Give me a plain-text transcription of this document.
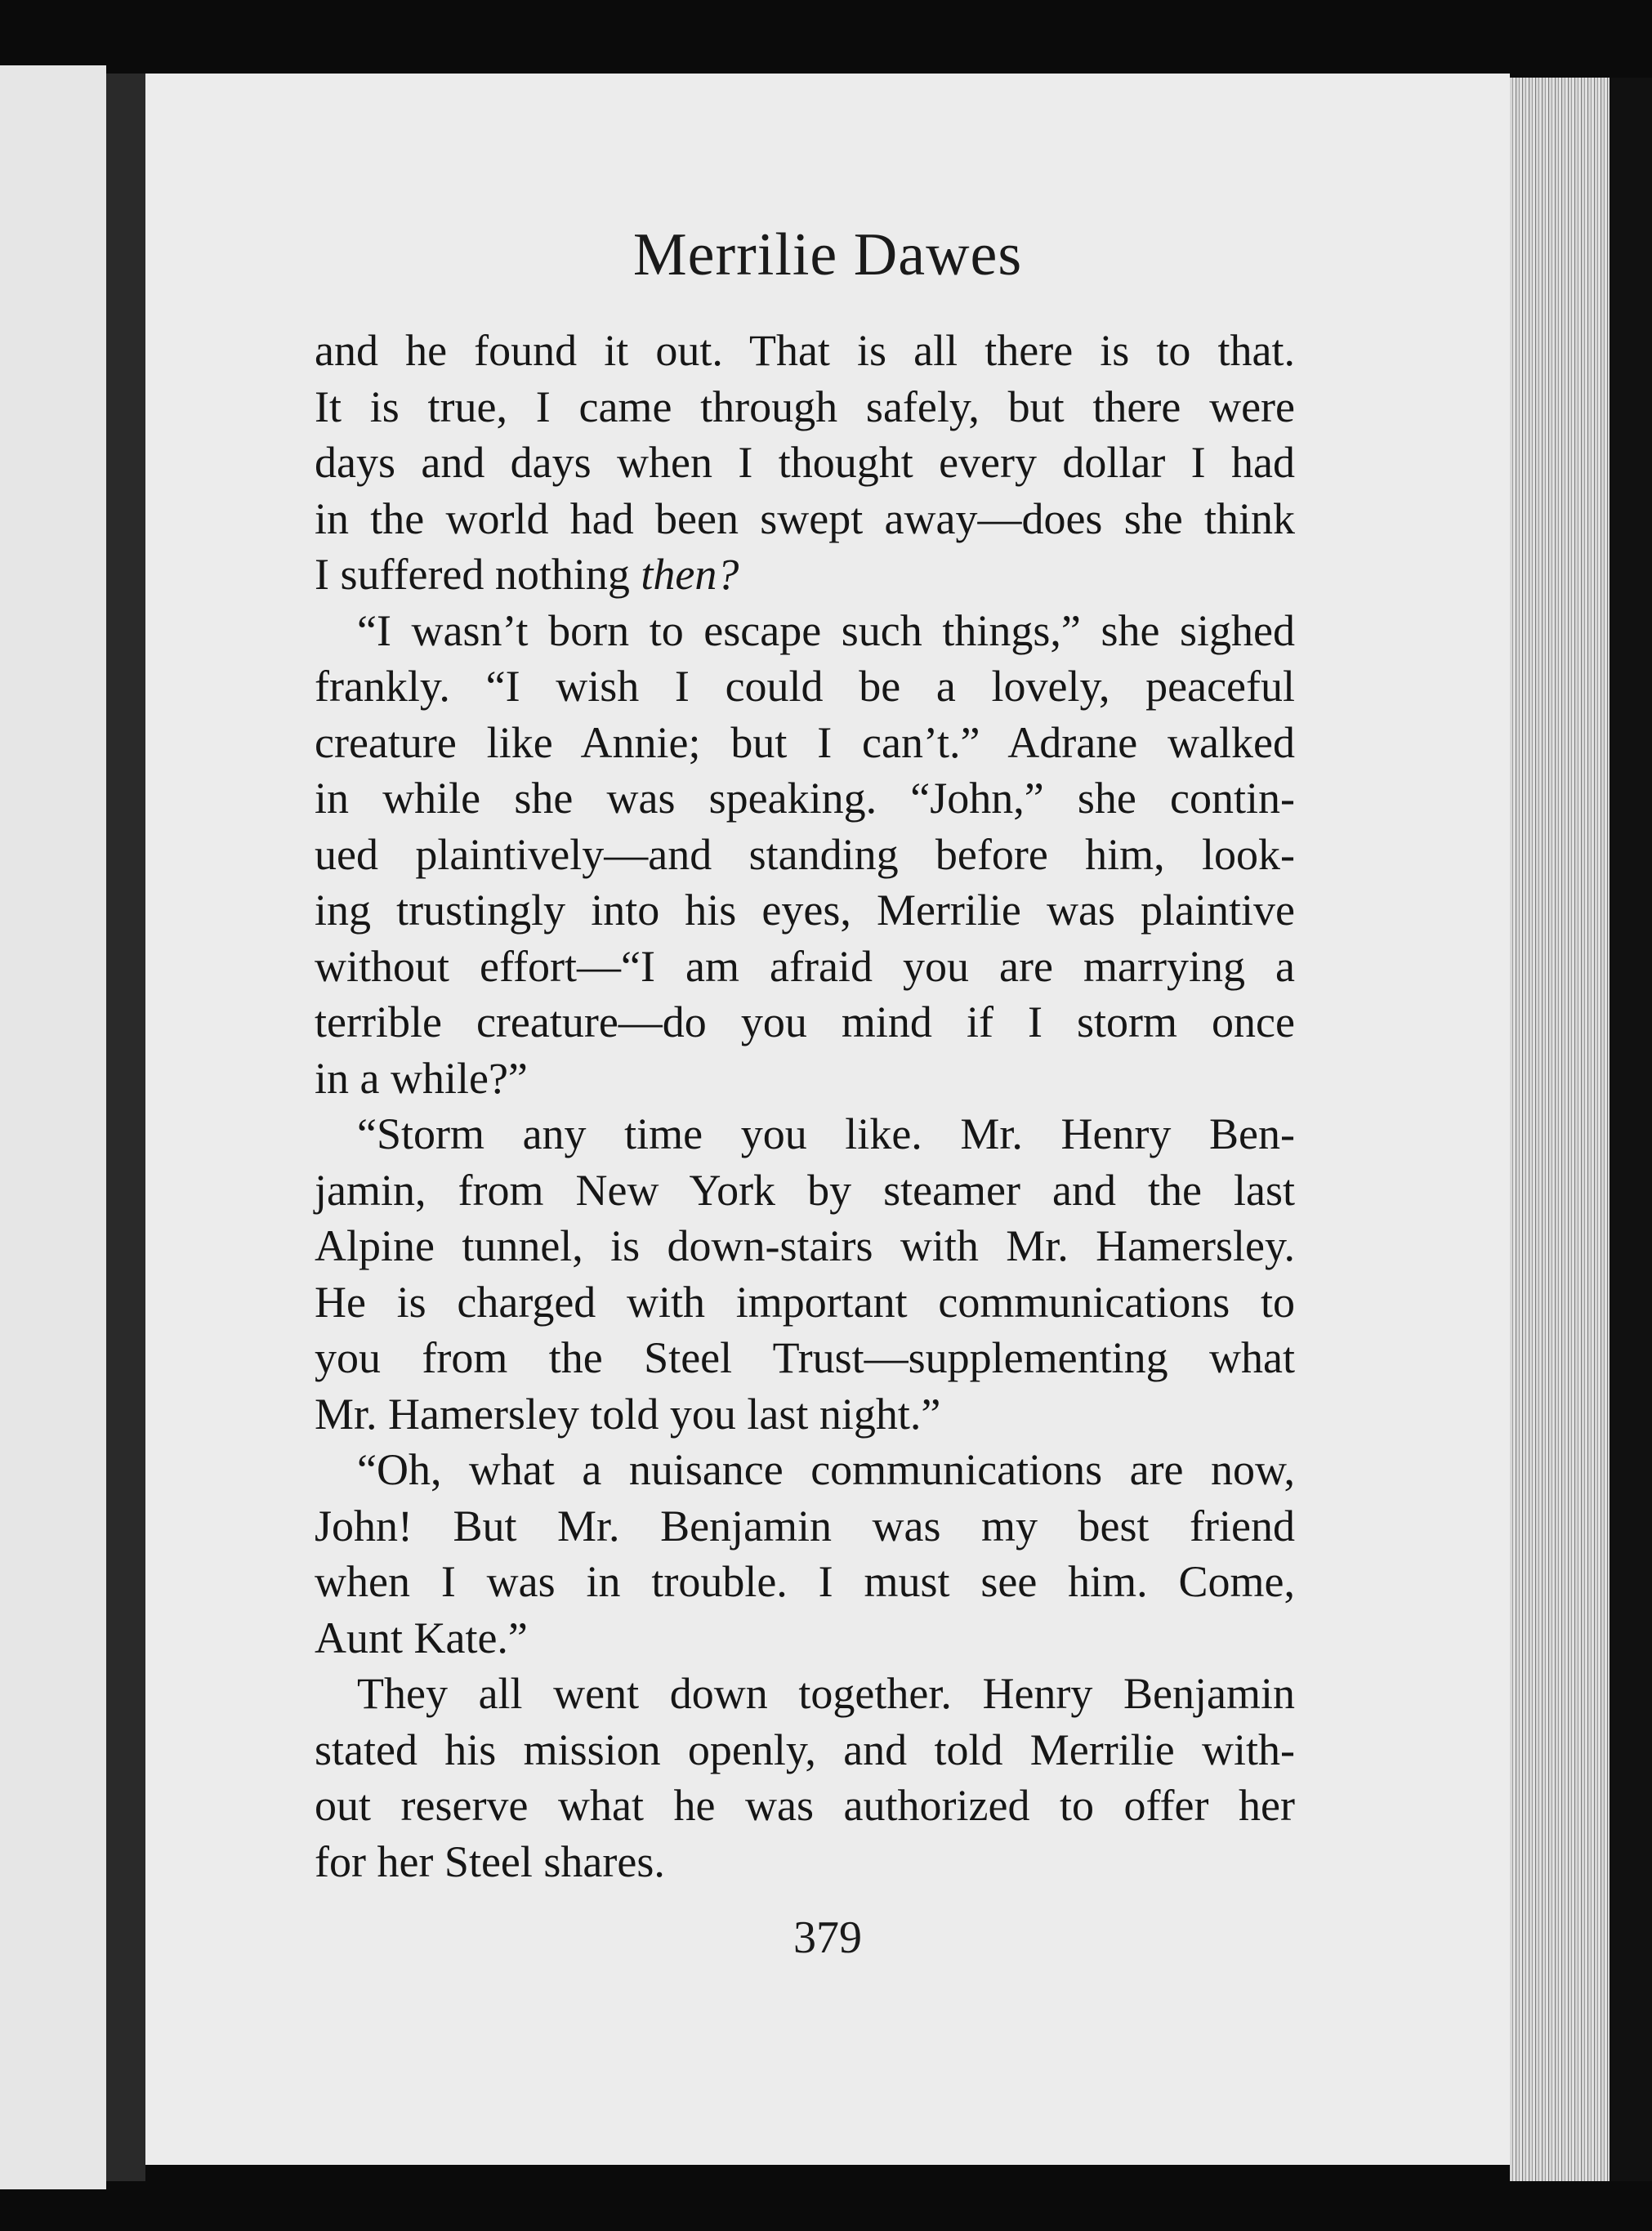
Merrilie Dawes
and he found it out. That is all there is to that.
It is true, I came through safely, but there were
days and days when I thought every dollar I had
in the world had been swept away—does she think
I suffered nothing then?
“I wasn’t born to escape such things,” she sighed
frankly. “I wish I could be a lovely, peaceful
creature like Annie; but I can’t.” Adrane walked
in while she was speaking. “John,” she contin-
ued plaintively—and standing before him, look-
ing trustingly into his eyes, Merrilie was plaintive
without effort—“I am afraid you are marrying a
terrible creature—do you mind if I storm once
in a while?”
“Storm any time you like. Mr. Henry Ben-
jamin, from New York by steamer and the last
Alpine tunnel, is down-stairs with Mr. Hamersley.
He is charged with important communications to
you from the Steel Trust—supplementing what
Mr. Hamersley told you last night.”
“Oh, what a nuisance communications are now,
John! But Mr. Benjamin was my best friend
when I was in trouble. I must see him. Come,
Aunt Kate.”
They all went down together. Henry Benjamin
stated his mission openly, and told Merrilie with-
out reserve what he was authorized to offer her
for her Steel shares.
379
